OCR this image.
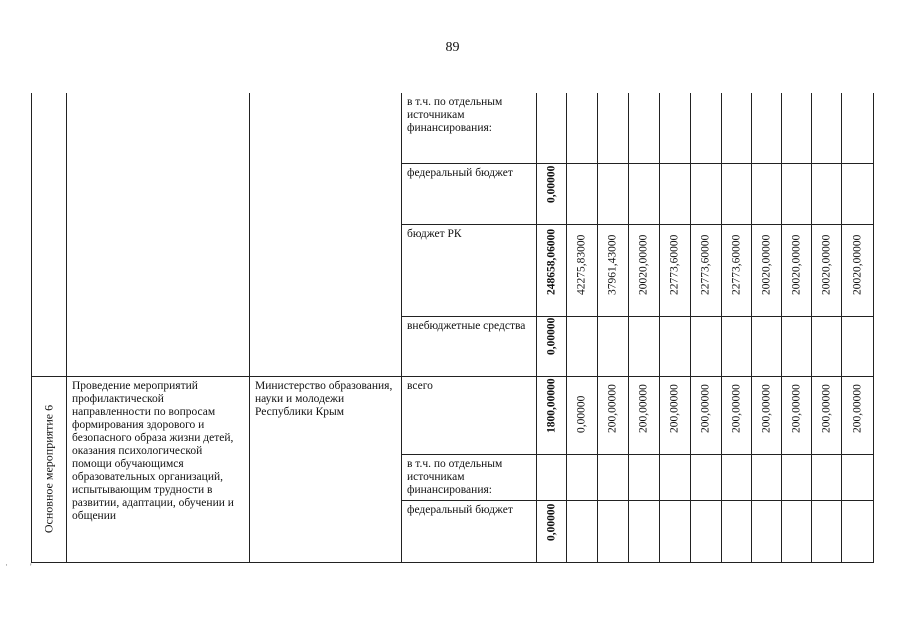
89

			в т.ч. по отдельным источникам финансирования:											

			федеральный бюджет	0,00000										

			бюджет РК	248658,06000	42275,83000	37961,43000	20020,00000	22773,60000	22773,60000	22773,60000	20020,00000	20020,00000	20020,00000	20020,00000

			внебюджетные средства	0,00000										

Основное мероприятие 6	Проведение мероприятий профилактической направленности по вопросам формирования здорового и безопасного образа жизни детей, оказания психологической помощи обучающимся образовательных организаций, испытывающим трудности в развитии, адаптации, обучении и общении	Министерство образования, науки и молодежи Республики Крым	всего	1800,00000	0,00000	200,00000	200,00000	200,00000	200,00000	200,00000	200,00000	200,00000	200,00000	200,00000

			в т.ч. по отдельным источникам финансирования:											

			федеральный бюджет	0,00000										

· '
